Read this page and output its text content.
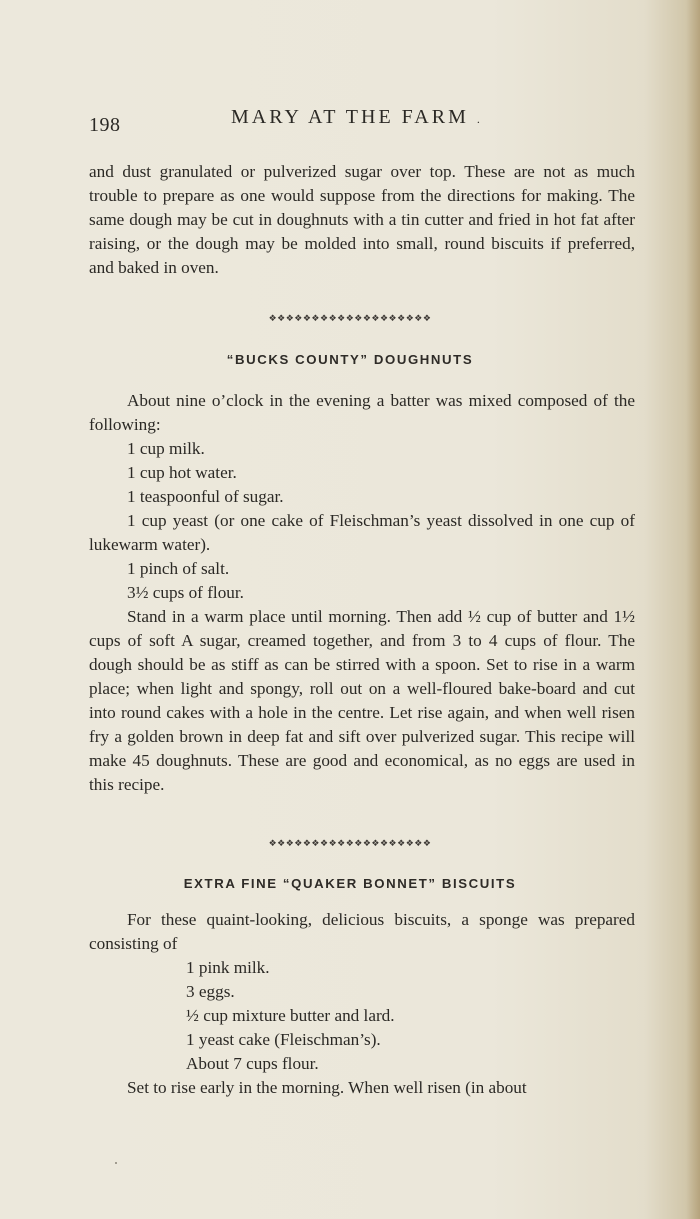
198	MARY AT THE FARM .

and dust granulated or pulverized sugar over top. These are not as much trouble to prepare as one would suppose from the directions for making. The same dough may be cut in doughnuts with a tin cutter and fried in hot fat after raising, or the dough may be molded into small, round biscuits if preferred, and baked in oven.

❖❖❖❖❖❖❖❖❖❖❖❖❖❖❖❖❖❖❖
“BUCKS COUNTY” DOUGHNUTS

About nine o’clock in the evening a batter was mixed composed of the following:

1 cup milk.

1 cup hot water.

1 teaspoonful of sugar.

1 cup yeast (or one cake of Fleischman’s yeast dissolved in one cup of lukewarm water).

1 pinch of salt.

3½ cups of flour.

Stand in a warm place until morning. Then add ½ cup of butter and 1½ cups of soft A sugar, creamed together, and from 3 to 4 cups of flour. The dough should be as stiff as can be stirred with a spoon. Set to rise in a warm place; when light and spongy, roll out on a well-floured bake-board and cut into round cakes with a hole in the centre. Let rise again, and when well risen fry a golden brown in deep fat and sift over pulverized sugar. This recipe will make 45 doughnuts. These are good and economical, as no eggs are used in this recipe.

❖❖❖❖❖❖❖❖❖❖❖❖❖❖❖❖❖❖❖
EXTRA FINE “QUAKER BONNET” BISCUITS

For these quaint-looking, delicious biscuits, a sponge was prepared consisting of

1 pink milk.

3 eggs.

½ cup mixture butter and lard.

1 yeast cake (Fleischman’s).

About 7 cups flour.

Set to rise early in the morning. When well risen (in about
